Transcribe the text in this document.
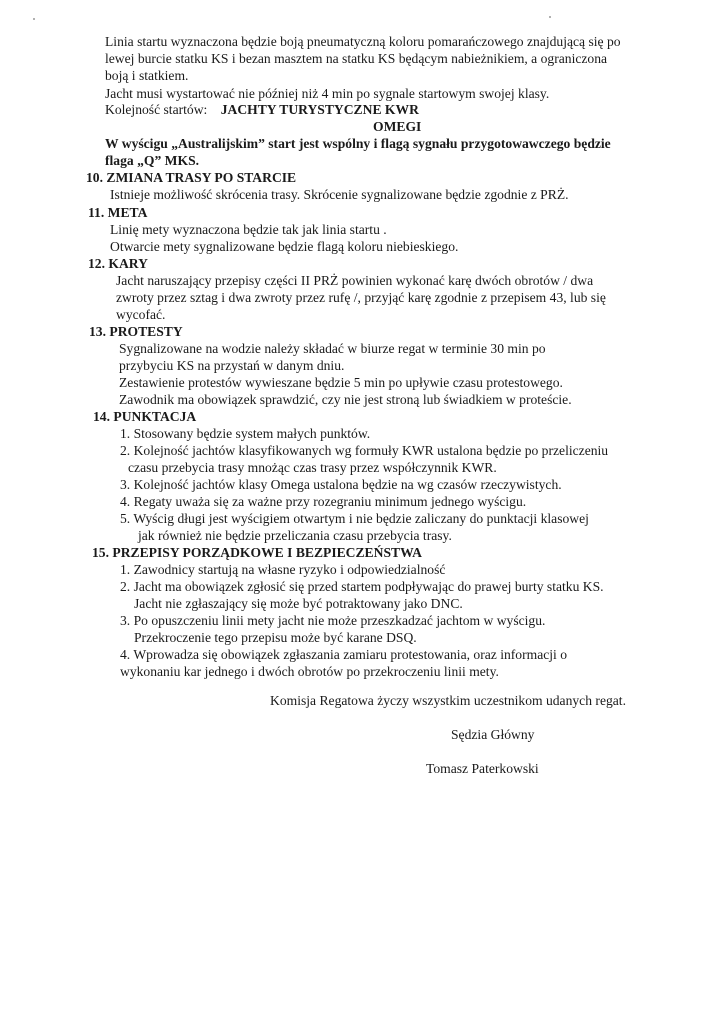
Linia startu wyznaczona będzie boją pneumatyczną koloru pomarańczowego znajdującą się po
lewej burcie statku KS i bezan masztem na statku KS będącym nabieżnikiem, a ograniczona
boją i statkiem.
Jacht musi wystartować nie później niż 4 min po sygnale startowym swojej klasy.
Kolejność startów: JACHTY TURYSTYCZNE KWR
OMEGI
W wyścigu „Australijskim” start jest wspólny i flagą sygnału przygotowawczego będzie
flaga „Q” MKS.
10. ZMIANA TRASY PO STARCIE
Istnieje możliwość skrócenia trasy. Skrócenie sygnalizowane będzie zgodnie z PRŻ.
11. META
Linię mety wyznaczona będzie tak jak linia startu .
Otwarcie mety sygnalizowane będzie flagą koloru niebieskiego.
12. KARY
Jacht naruszający przepisy części II PRŻ powinien wykonać karę dwóch obrotów / dwa
zwroty przez sztag i dwa zwroty przez rufę /, przyjąć karę zgodnie z przepisem 43, lub się
wycofać.
13. PROTESTY
Sygnalizowane na wodzie należy składać w biurze regat w terminie 30 min po
przybyciu KS na przystań w danym dniu.
Zestawienie protestów wywieszane będzie 5 min po upływie czasu protestowego.
Zawodnik ma obowiązek sprawdzić, czy nie jest stroną lub świadkiem w proteście.
14. PUNKTACJA
1. Stosowany będzie system małych punktów.
2. Kolejność jachtów klasyfikowanych wg formuły KWR ustalona będzie po przeliczeniu
czasu przebycia trasy mnożąc czas trasy przez współczynnik KWR.
3. Kolejność jachtów klasy Omega ustalona będzie na wg czasów rzeczywistych.
4. Regaty uważa się za ważne przy rozegraniu minimum jednego wyścigu.
5. Wyścig długi jest wyścigiem otwartym i nie będzie zaliczany do punktacji klasowej
jak również nie będzie przeliczania czasu przebycia trasy.
15. PRZEPISY PORZĄDKOWE I BEZPIECZEŃSTWA
1. Zawodnicy startują na własne ryzyko i odpowiedzialność
2. Jacht ma obowiązek zgłosić się przed startem podpływając do prawej burty statku KS.
Jacht nie zgłaszający się może być potraktowany jako DNC.
3. Po opuszczeniu linii mety jacht nie może przeszkadzać jachtom w wyścigu.
Przekroczenie tego przepisu może być karane DSQ.
4. Wprowadza się obowiązek zgłaszania zamiaru protestowania, oraz informacji o
wykonaniu kar jednego i dwóch obrotów po przekroczeniu linii mety.
Komisja Regatowa życzy wszystkim uczestnikom udanych regat.
Sędzia Główny
Tomasz Paterkowski
